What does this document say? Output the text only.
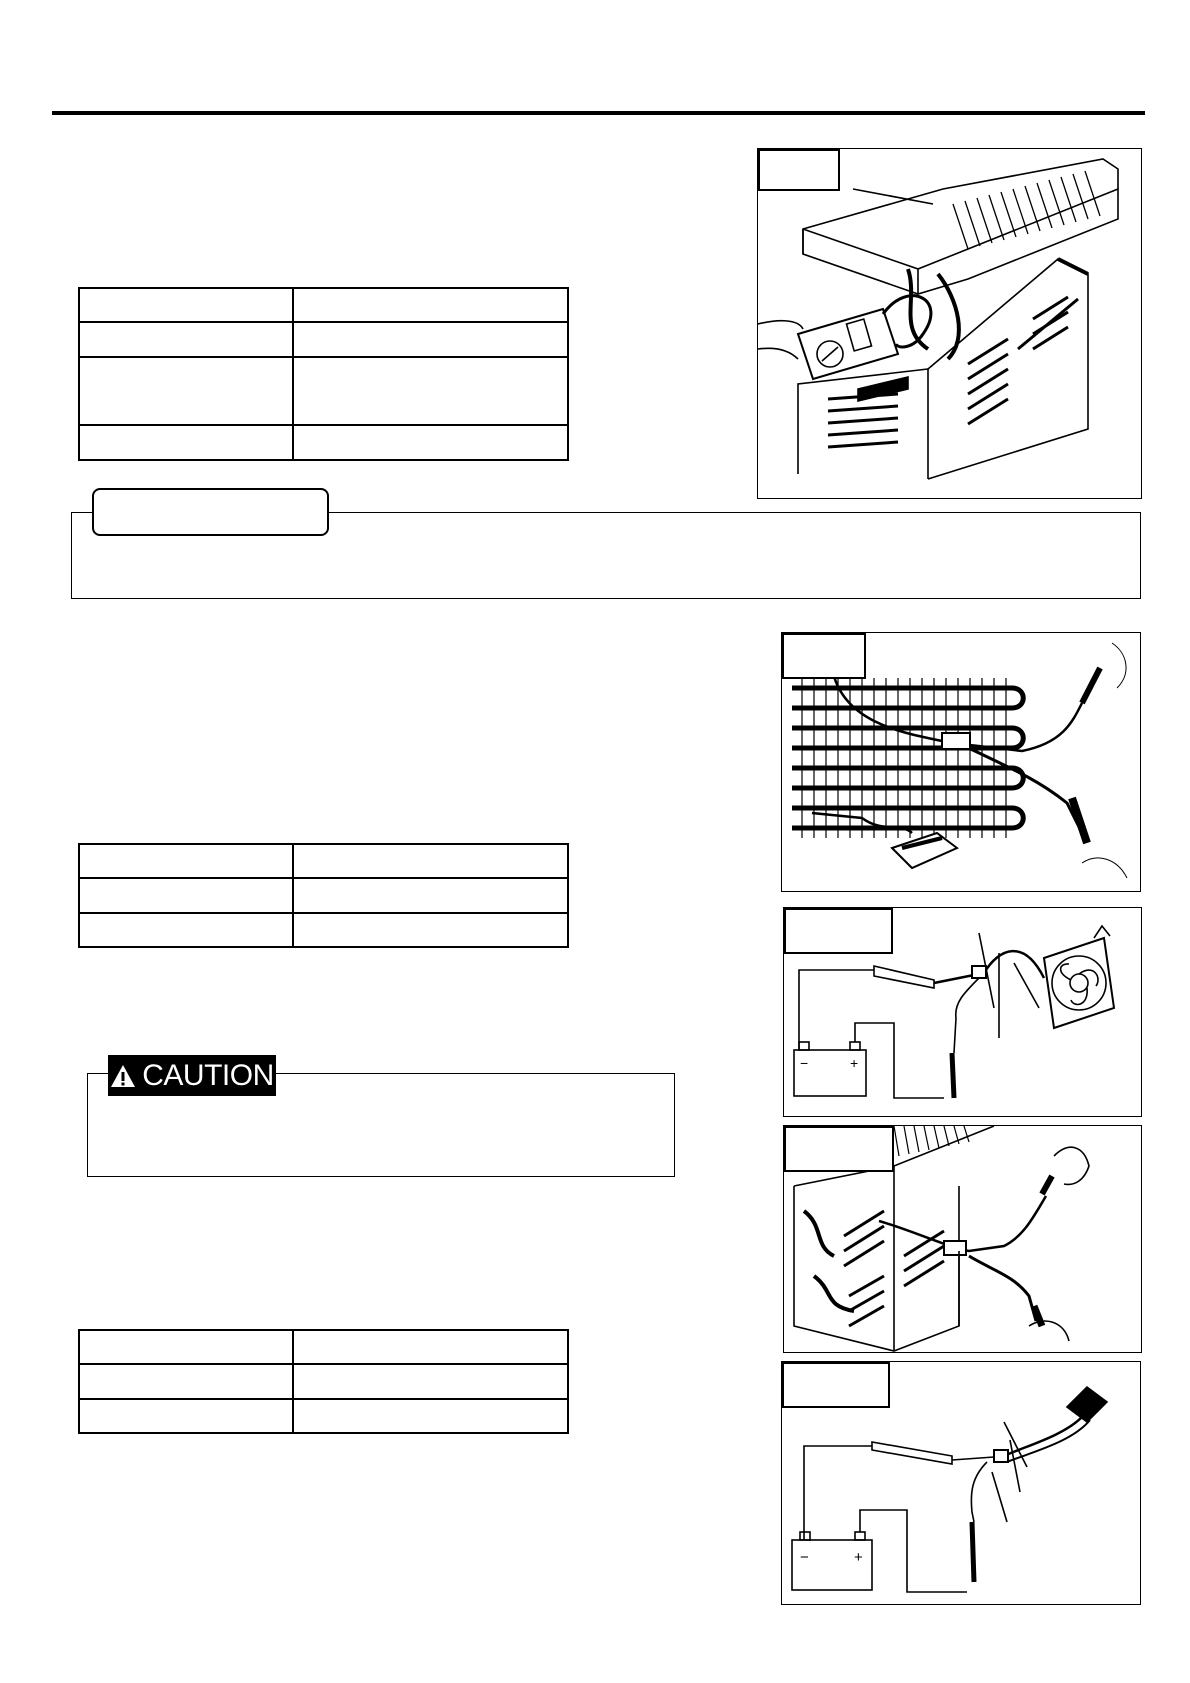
−	+
CAUTION

−	+
